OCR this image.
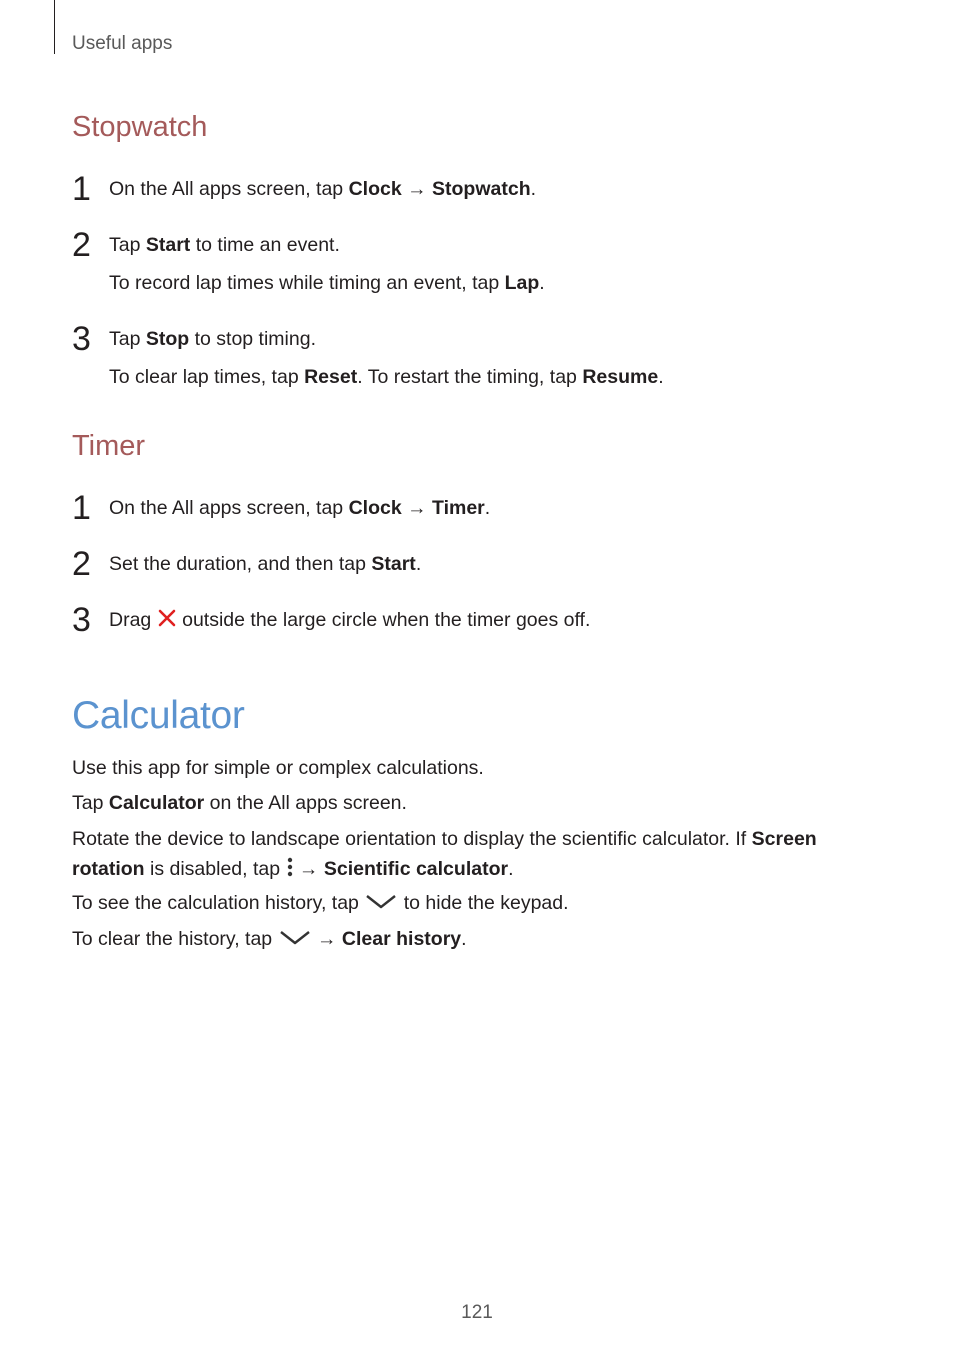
Useful apps
Stopwatch
1 On the All apps screen, tap Clock → Stopwatch.
2 Tap Start to time an event.
To record lap times while timing an event, tap Lap.
3 Tap Stop to stop timing.
To clear lap times, tap Reset. To restart the timing, tap Resume.
Timer
1 On the All apps screen, tap Clock → Timer.
2 Set the duration, and then tap Start.
3 Drag  outside the large circle when the timer goes off.
Calculator
Use this app for simple or complex calculations.
Tap Calculator on the All apps screen.
Rotate the device to landscape orientation to display the scientific calculator. If Screen
rotation is disabled, tap  → Scientific calculator.
To see the calculation history, tap  to hide the keypad.
To clear the history, tap  → Clear history.
121
